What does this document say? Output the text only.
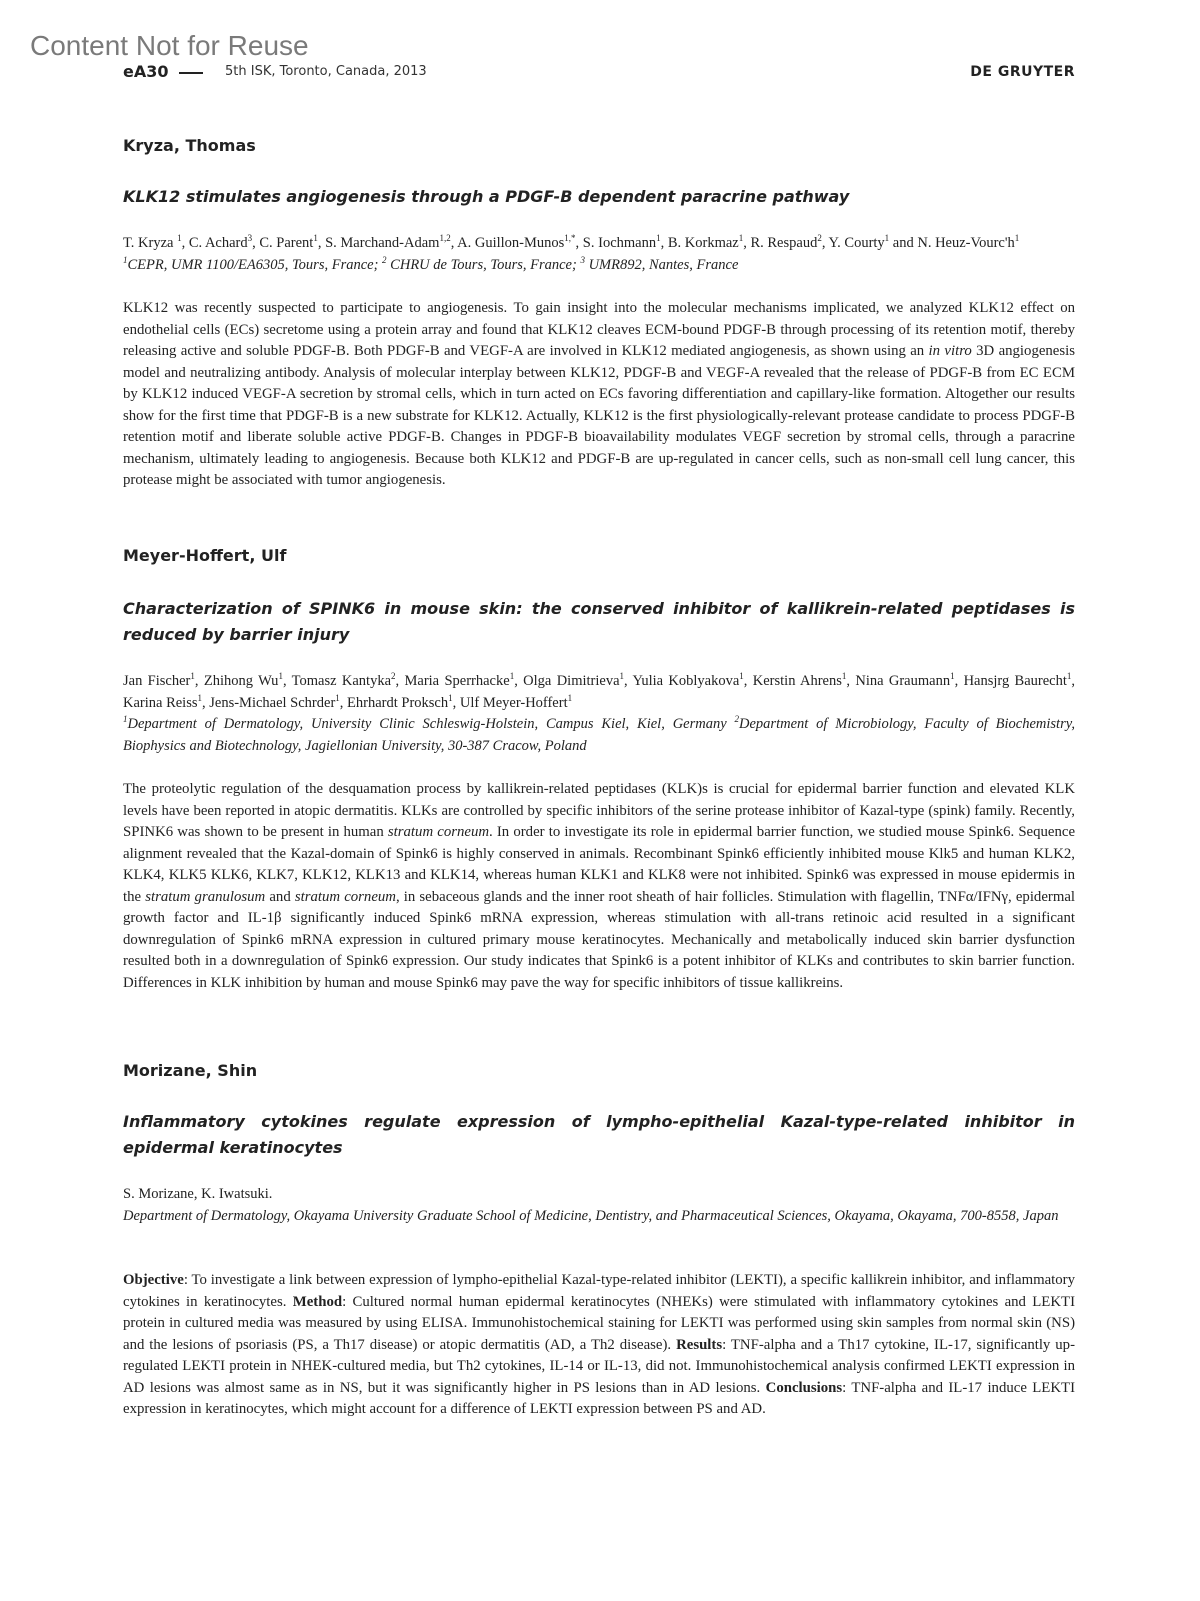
Content Not for Reuse
eA30	5th ISK, Toronto, Canada, 2013	DE GRUYTER
Kryza, Thomas
KLK12 stimulates angiogenesis through a PDGF-B dependent paracrine pathway
T. Kryza $^1$, C. Achard$^3$, C. Parent$^1$, S. Marchand-Adam$^{1,2}$, A. Guillon-Munos$^{1,*}$, S. Iochmann$^1$, B. Korkmaz$^1$, R. Respaud$^2$, Y. Courty$^1$ and N. Heuz-$Vourc'h^1$
$^1$CEPR, UMR 1100/EA6305, Tours, France; $^2$ CHRU de Tours, Tours, France; $^3$ UMR892, Nantes, France
KLK12 was recently suspected to participate to angiogenesis. To gain insight into the molecular mechanisms implicated, we analyzed KLK12 effect on endothelial cells (ECs) secretome using a protein array and found that KLK12 cleaves ECM-bound PDGF-B through processing of its retention motif, thereby releasing active and soluble PDGF-B. Both PDGF-B and VEGF-A are involved in KLK12 mediated angiogenesis, as shown using an in vitro 3D angiogenesis model and neutralizing antibody. Analysis of molecular interplay between KLK12, PDGF-B and VEGF-A revealed that the release of PDGF-B from EC ECM by KLK12 induced VEGF-A secretion by stromal cells, which in turn acted on ECs favoring differentiation and capillary-like formation. Altogether our results show for the first time that PDGF-B is a new substrate for KLK12. Actually, KLK12 is the first physiologically-relevant protease candidate to process PDGF-B retention motif and liberate soluble active PDGF-B. Changes in PDGF-B bioavailability modulates VEGF secretion by stromal cells, through a paracrine mechanism, ultimately leading to angiogenesis. Because both KLK12 and PDGF-B are up-regulated in cancer cells, such as non-small cell lung cancer, this protease might be associated with tumor angiogenesis.
Meyer-Hoffert, Ulf
Characterization of SPINK6 in mouse skin: the conserved inhibitor of kallikrein-related peptidases is reduced by barrier injury
Jan Fischer$^1$, Zhihong Wu$^1$, Tomasz Kantyka$^2$, Maria Sperrhacke$^1$, Olga Dimitrieva$^1$, Yulia Koblyakova$^1$, Kerstin Ahrens$^1$, Nina Graumann$^1$, Hansjrg Baurecht$^1$, Karina Reiss$^1$, Jens-Michael Schrder$^1$, Ehrhardt Proksch$^1$, Ulf Meyer-Hoffert$^1$
$^1$Department of Dermatology, University Clinic Schleswig-Holstein, Campus Kiel, Kiel, Germany $^2$Department of Microbiology, Faculty of Biochemistry, Biophysics and Biotechnology, Jagiellonian University, 30-387 Cracow, Poland
The proteolytic regulation of the desquamation process by kallikrein-related peptidases (KLK)s is crucial for epidermal barrier function and elevated KLK levels have been reported in atopic dermatitis. KLKs are controlled by specific inhibitors of the serine protease inhibitor of Kazal-type (spink) family. Recently, SPINK6 was shown to be present in human stratum corneum. In order to investigate its role in epidermal barrier function, we studied mouse Spink6. Sequence alignment revealed that the Kazal-domain of Spink6 is highly conserved in animals. Recombinant Spink6 efficiently inhibited mouse Klk5 and human KLK2, KLK4, KLK5 KLK6, KLK7, KLK12, KLK13 and KLK14, whereas human KLK1 and KLK8 were not inhibited. Spink6 was expressed in mouse epidermis in the stratum granulosum and stratum corneum, in sebaceous glands and the inner root sheath of hair follicles. Stimulation with flagellin, TNFα/IFNγ, epidermal growth factor and IL-1β significantly induced Spink6 mRNA expression, whereas stimulation with all-trans retinoic acid resulted in a significant downregulation of Spink6 mRNA expression in cultured primary mouse keratinocytes. Mechanically and metabolically induced skin barrier dysfunction resulted both in a downregulation of Spink6 expression. Our study indicates that Spink6 is a potent inhibitor of KLKs and contributes to skin barrier function. Differences in KLK inhibition by human and mouse Spink6 may pave the way for specific inhibitors of tissue kallikreins.
Morizane, Shin
Inflammatory cytokines regulate expression of lympho-epithelial Kazal-type-related inhibitor in epidermal keratinocytes
S. Morizane, K. Iwatsuki.
Department of Dermatology, Okayama University Graduate School of Medicine, Dentistry, and Pharmaceutical Sciences, Okayama, Okayama, 700-8558, Japan
Objective: To investigate a link between expression of lympho-epithelial Kazal-type-related inhibitor (LEKTI), a specific kallikrein inhibitor, and inflammatory cytokines in keratinocytes. Method: Cultured normal human epidermal keratinocytes (NHEKs) were stimulated with inflammatory cytokines and LEKTI protein in cultured media was measured by using ELISA. Immunohistochemical staining for LEKTI was performed using skin samples from normal skin (NS) and the lesions of psoriasis (PS, a Th17 disease) or atopic dermatitis (AD, a Th2 disease). Results: TNF-alpha and a Th17 cytokine, IL-17, significantly up-regulated LEKTI protein in NHEK-cultured media, but Th2 cytokines, IL-14 or IL-13, did not. Immunohistochemical analysis confirmed LEKTI expression in AD lesions was almost same as in NS, but it was significantly higher in PS lesions than in AD lesions. Conclusions: TNF-alpha and IL-17 induce LEKTI expression in keratinocytes, which might account for a difference of LEKTI expression between PS and AD.
